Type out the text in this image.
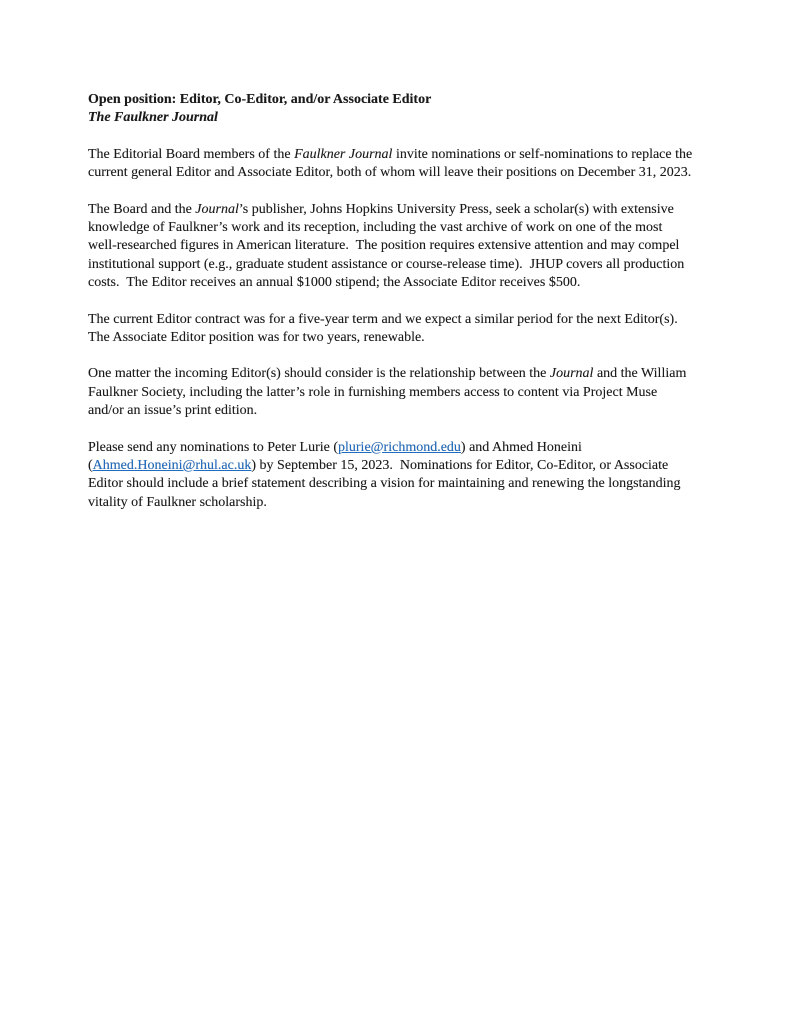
Open position: Editor, Co-Editor, and/or Associate Editor
The Faulkner Journal

The Editorial Board members of the Faulkner Journal invite nominations or self-nominations to replace the current general Editor and Associate Editor, both of whom will leave their positions on December 31, 2023.

The Board and the Journal’s publisher, Johns Hopkins University Press, seek a scholar(s) with extensive knowledge of Faulkner’s work and its reception, including the vast archive of work on one of the most well-researched figures in American literature.  The position requires extensive attention and may compel institutional support (e.g., graduate student assistance or course-release time).  JHUP covers all production costs.  The Editor receives an annual $1000 stipend; the Associate Editor receives $500.

The current Editor contract was for a five-year term and we expect a similar period for the next Editor(s).  The Associate Editor position was for two years, renewable.

One matter the incoming Editor(s) should consider is the relationship between the Journal and the William Faulkner Society, including the latter’s role in furnishing members access to content via Project Muse and/or an issue’s print edition.

Please send any nominations to Peter Lurie (plurie@richmond.edu) and Ahmed Honeini (Ahmed.Honeini@rhul.ac.uk) by September 15, 2023.  Nominations for Editor, Co-Editor, or Associate Editor should include a brief statement describing a vision for maintaining and renewing the longstanding vitality of Faulkner scholarship.
